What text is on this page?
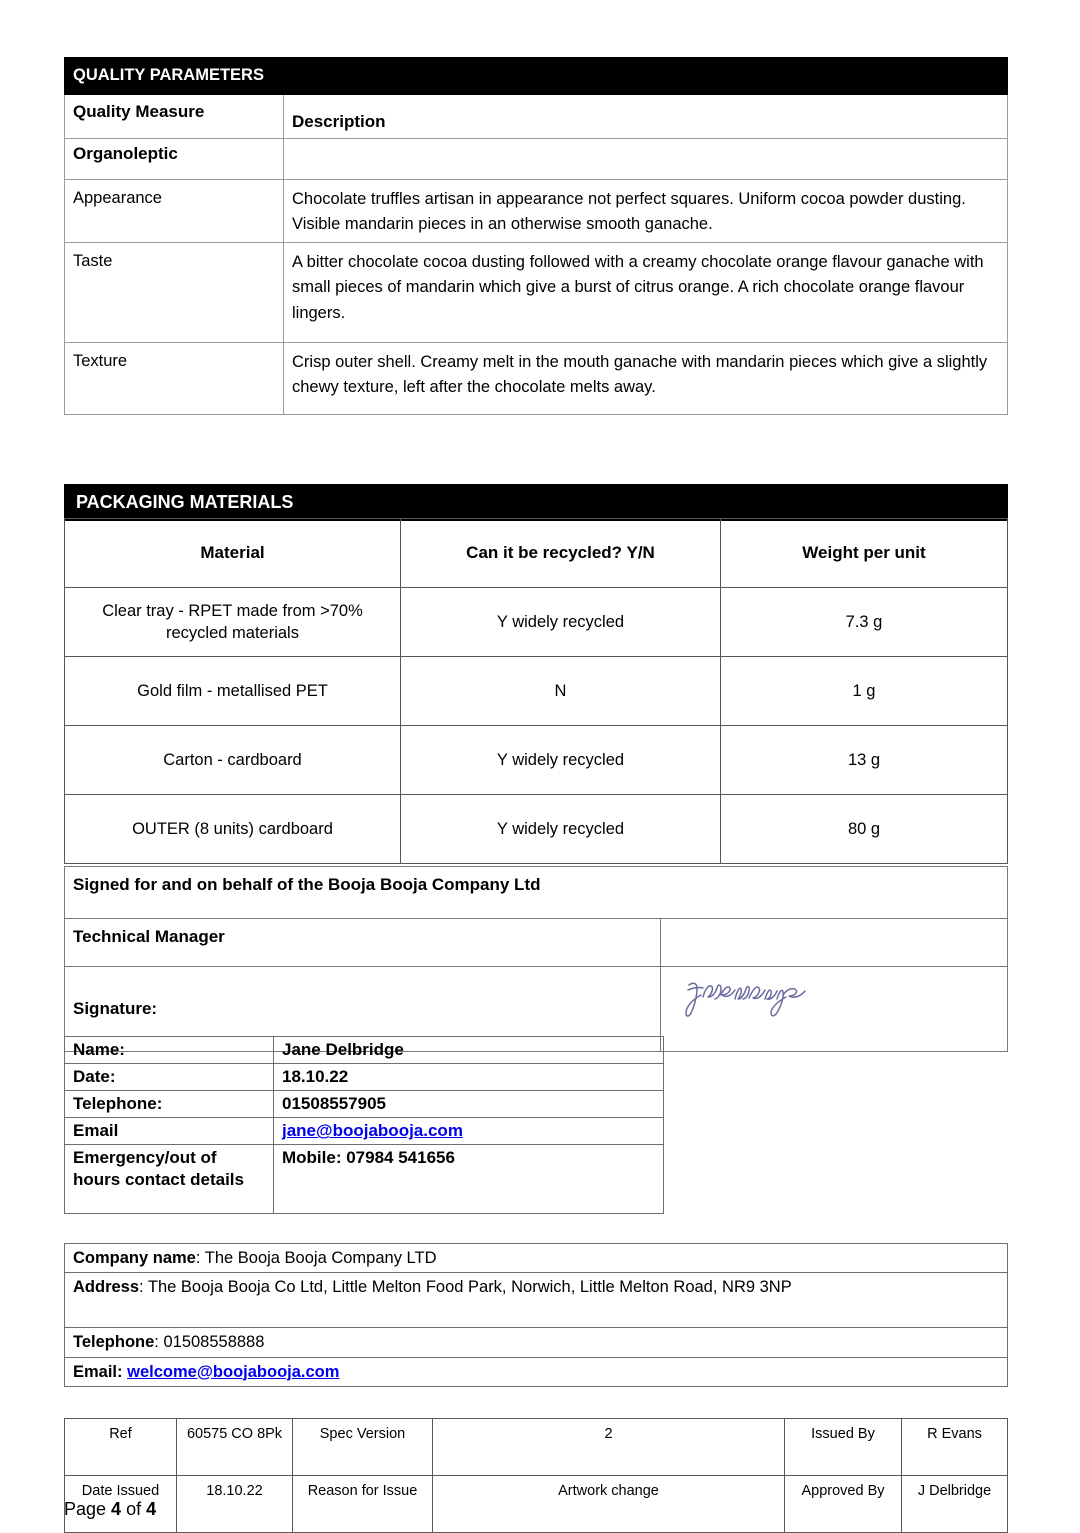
QUALITY PARAMETERS	
Quality Measure	Description
Organoleptic	
Appearance	Chocolate truffles artisan in appearance not perfect squares. Uniform cocoa powder dusting. Visible mandarin pieces in an otherwise smooth ganache.
Taste	A bitter chocolate cocoa dusting followed with a creamy chocolate orange flavour ganache with small pieces of mandarin which give a burst of citrus orange. A rich chocolate orange flavour lingers.
Texture	Crisp outer shell. Creamy melt in the mouth ganache with mandarin pieces which give a slightly chewy texture, left after the chocolate melts away.
PACKAGING MATERIALS
Material	Can it be recycled? Y/N	Weight per unit
Clear tray - RPET made from >70% recycled materials	Y widely recycled	7.3 g
Gold film - metallised PET	N	1 g
Carton - cardboard	Y widely recycled	13 g
OUTER (8 units) cardboard	Y widely recycled	80 g
Signed for and on behalf of the Booja Booja Company Ltd	
Technical Manager	
Signature:	
Name:	Jane Delbridge
Date:	18.10.22
Telephone:	01508557905
Email	jane@boojabooja.com
Emergency/out of hours contact details	Mobile: 07984 541656
Company name: The Booja Booja Company LTD
Address: The Booja Booja Co Ltd, Little Melton Food Park, Norwich, Little Melton Road, NR9 3NP
Telephone: 01508558888
Email: welcome@boojabooja.com
Ref	60575 CO 8Pk	Spec Version	2	Issued By	R Evans
Date Issued	18.10.22	Reason for Issue	Artwork change	Approved By	J Delbridge
Page 4 of 4
